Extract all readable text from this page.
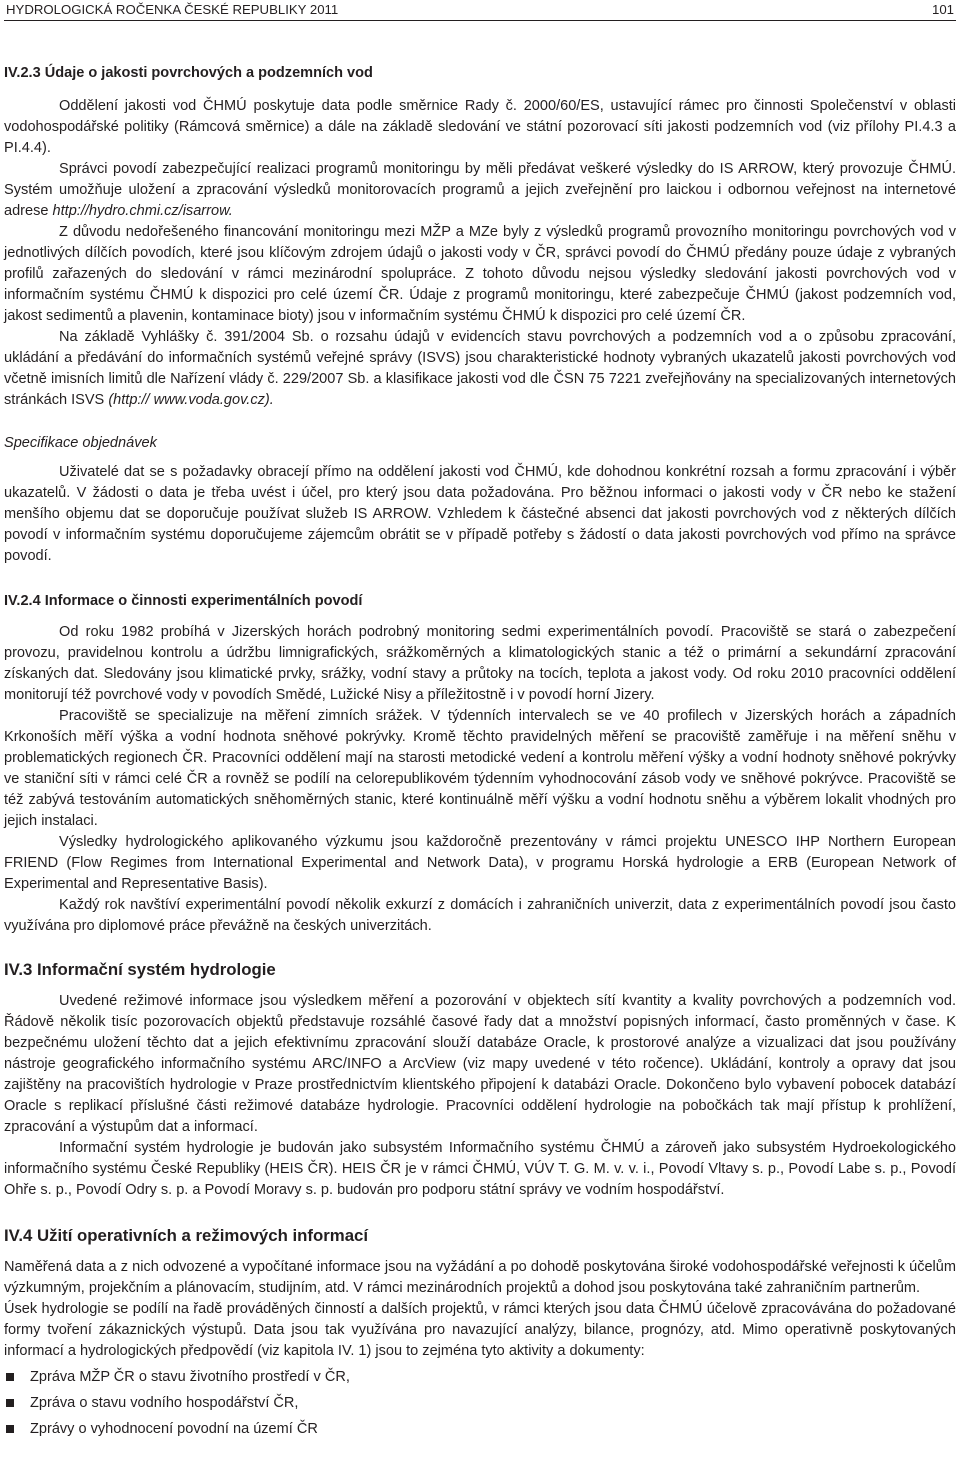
HYDROLOGICKÁ ROČENKA ČESKÉ REPUBLIKY 2011	101
IV.2.3 Údaje o jakosti povrchových a podzemních vod

Oddělení jakosti vod ČHMÚ poskytuje data podle směrnice Rady č. 2000/60/ES, ustavující rámec pro činnosti Společenství v oblasti vodohospodářské politiky (Rámcová směrnice) a dále na základě sledování ve státní pozorovací síti jakosti podzemních vod (viz přílohy PI.4.3 a PI.4.4).

Správci povodí zabezpečující realizaci programů monitoringu by měli předávat veškeré výsledky do IS ARROW, který provozuje ČHMÚ. Systém umožňuje uložení a zpracování výsledků monitorovacích programů a jejich zveřejnění pro laickou i odbornou veřejnost na internetové adrese http://hydro.chmi.cz/isarrow.

Z důvodu nedořešeného financování monitoringu mezi MŽP a MZe byly z výsledků programů provozního monitoringu povrchových vod v jednotlivých dílčích povodích, které jsou klíčovým zdrojem údajů o jakosti vody v ČR, správci povodí do ČHMÚ předány pouze údaje z vybraných profilů zařazených do sledování v rámci mezinárodní spolupráce. Z tohoto důvodu nejsou výsledky sledování jakosti povrchových vod v informačním systému ČHMÚ k dispozici pro celé území ČR. Údaje z programů monitoringu, které zabezpečuje ČHMÚ (jakost podzemních vod, jakost sedimentů a plavenin, kontaminace bioty) jsou v informačním systému ČHMÚ k dispozici pro celé území ČR.

Na základě Vyhlášky č. 391/2004 Sb. o rozsahu údajů v evidencích stavu povrchových a podzemních vod a o způsobu zpracování, ukládání a předávání do informačních systémů veřejné správy (ISVS) jsou charakteristické hodnoty vybraných ukazatelů jakosti povrchových vod včetně imisních limitů dle Nařízení vlády č. 229/2007 Sb. a klasifikace jakosti vod dle ČSN 75 7221 zveřejňovány na specializovaných internetových stránkách ISVS (http:// www.voda.gov.cz).

Specifikace objednávek

Uživatelé dat se s požadavky obracejí přímo na oddělení jakosti vod ČHMÚ, kde dohodnou konkrétní rozsah a formu zpracování i výběr ukazatelů. V žádosti o data je třeba uvést i účel, pro který jsou data požadována. Pro běžnou informaci o jakosti vody v ČR nebo ke stažení menšího objemu dat se doporučuje používat služeb IS ARROW. Vzhledem k částečné absenci dat jakosti povrchových vod z některých dílčích povodí v informačním systému doporučujeme zájemcům obrátit se v případě potřeby s žádostí o data jakosti povrchových vod přímo na správce povodí.

IV.2.4 Informace o činnosti experimentálních povodí

Od roku 1982 probíhá v Jizerských horách podrobný monitoring sedmi experimentálních povodí. Pracoviště se stará o zabezpečení provozu, pravidelnou kontrolu a údržbu limnigrafických, srážkoměrných a klimatologických stanic a též o primární a sekundární zpracování získaných dat. Sledovány jsou klimatické prvky, srážky, vodní stavy a průtoky na tocích, teplota a jakost vody. Od roku 2010 pracovníci oddělení monitorují též povrchové vody v povodích Smědé, Lužické Nisy a příležitostně i v povodí horní Jizery.

Pracoviště se specializuje na měření zimních srážek. V týdenních intervalech se ve 40 profilech v Jizerských horách a západních Krkonoších měří výška a vodní hodnota sněhové pokrývky. Kromě těchto pravidelných měření se pracoviště zaměřuje i na měření sněhu v problematických regionech ČR. Pracovníci oddělení mají na starosti metodické vedení a kontrolu měření výšky a vodní hodnoty sněhové pokrývky ve staniční síti v rámci celé ČR a rovněž se podílí na celorepublikovém týdenním vyhodnocování zásob vody ve sněhové pokrývce. Pracoviště se též zabývá testováním automatických sněhoměrných stanic, které kontinuálně měří výšku a vodní hodnotu sněhu a výběrem lokalit vhodných pro jejich instalaci.

Výsledky hydrologického aplikovaného výzkumu jsou každoročně prezentovány v rámci projektu UNESCO IHP Northern European FRIEND (Flow Regimes from International Experimental and Network Data), v programu Horská hydrologie a ERB (European Network of Experimental and Representative Basis).

Každý rok navštíví experimentální povodí několik exkurzí z domácích i zahraničních univerzit, data z experimentálních povodí jsou často využívána pro diplomové práce převážně na českých univerzitách.

IV.3 Informační systém hydrologie

Uvedené režimové informace jsou výsledkem měření a pozorování v objektech sítí kvantity a kvality povrchových a podzemních vod. Řádově několik tisíc pozorovacích objektů představuje rozsáhlé časové řady dat a množství popisných informací, často proměnných v čase. K bezpečnému uložení těchto dat a jejich efektivnímu zpracování slouží databáze Oracle, k prostorové analýze a vizualizaci dat jsou používány nástroje geografického informačního systému ARC/INFO a ArcView (viz mapy uvedené v této ročence). Ukládání, kontroly a opravy dat jsou zajištěny na pracovištích hydrologie v Praze prostřednictvím klientského připojení k databázi Oracle. Dokončeno bylo vybavení pobocek databází Oracle s replikací příslušné části režimové databáze hydrologie. Pracovníci oddělení hydrologie na pobočkách tak mají přístup k prohlížení, zpracování a výstupům dat a informací.

Informační systém hydrologie je budován jako subsystém Informačního systému ČHMÚ a zároveň jako subsystém Hydroekologického informačního systému České Republiky (HEIS ČR). HEIS ČR je v rámci ČHMÚ, VÚV T. G. M. v. v. i., Povodí Vltavy s. p., Povodí Labe s. p., Povodí Ohře s. p., Povodí Odry s. p. a Povodí Moravy s. p. budován pro podporu státní správy ve vodním hospodářství.

IV.4 Užití operativních a režimových informací

Naměřená data a z nich odvozené a vypočítané informace jsou na vyžádání a po dohodě poskytována široké vodohospodářské veřejnosti k účelům výzkumným, projekčním a plánovacím, studijním, atd. V rámci mezinárodních projektů a dohod jsou poskytována také zahraničním partnerům.

Úsek hydrologie se podílí na řadě prováděných činností a dalších projektů, v rámci kterých jsou data ČHMÚ účelově zpracovávána do požadované formy tvoření zákaznických výstupů. Data jsou tak využívána pro navazující analýzy, bilance, prognózy, atd. Mimo operativně poskytovaných informací a hydrologických předpovědí (viz kapitola IV. 1) jsou to zejména tyto aktivity a dokumenty:

Zpráva MŽP ČR o stavu životního prostředí v ČR,
Zpráva o stavu vodního hospodářství ČR,
Zprávy o vyhodnocení povodní na území ČR
